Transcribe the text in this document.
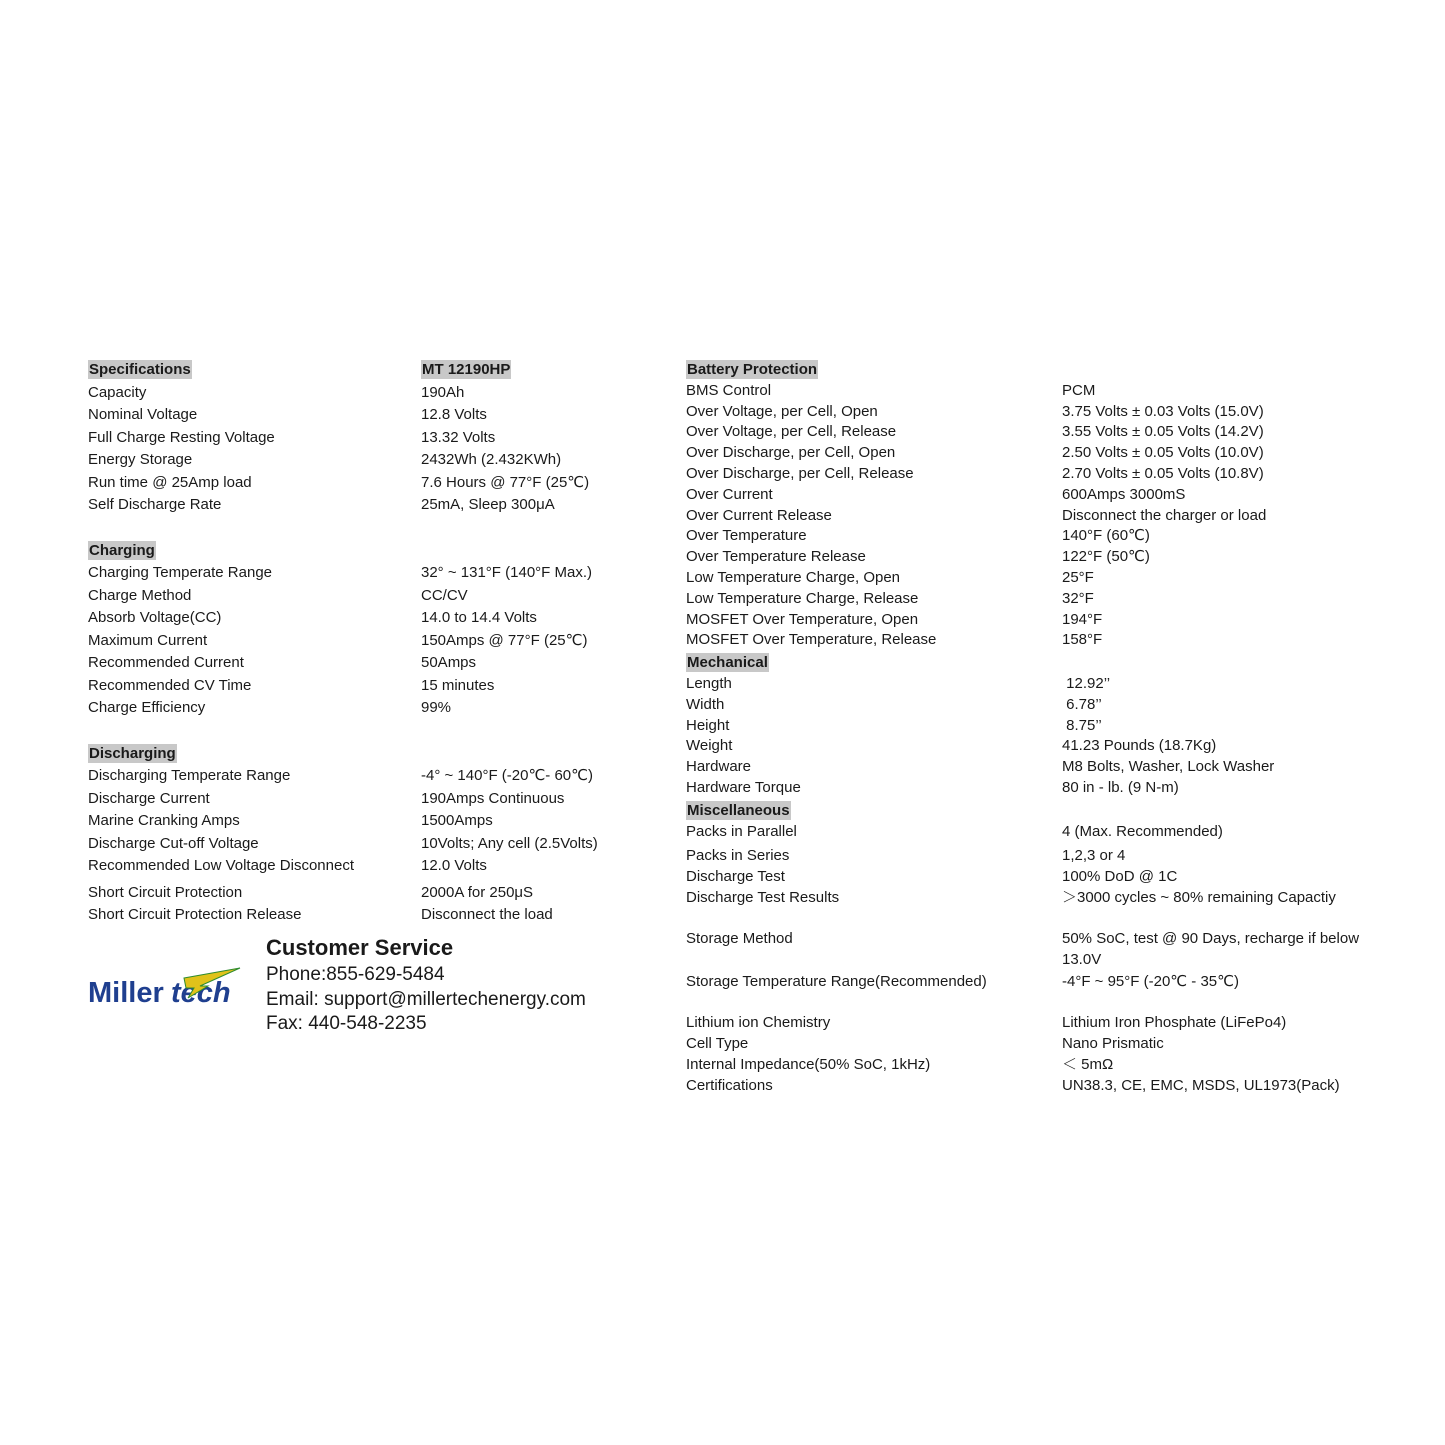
Specifications	MT 12190HP
Capacity	190Ah
Nominal Voltage	12.8 Volts
Full Charge Resting Voltage	13.32 Volts
Energy Storage	2432Wh (2.432KWh)
Run time @ 25Amp load	7.6 Hours @ 77°F (25℃)
Self Discharge Rate	25mA, Sleep 300μA
Charging
Charging Temperate Range	32° ~ 131°F (140°F Max.)
Charge Method	CC/CV
Absorb Voltage(CC)	14.0 to 14.4 Volts
Maximum Current	150Amps @ 77°F (25℃)
Recommended Current	50Amps
Recommended CV Time	15 minutes
Charge Efficiency	99%
Discharging
Discharging Temperate Range	-4° ~ 140°F (-20℃- 60℃)
Discharge Current	190Amps Continuous
Marine Cranking Amps	1500Amps
Discharge Cut-off Voltage	10Volts; Any cell (2.5Volts)
Recommended Low Voltage Disconnect	12.0 Volts
Short Circuit Protection	2000A for 250μS
Short Circuit Protection Release	Disconnect the load
Miller tech
Customer Service
Phone:855-629-5484
Email: support@millertechenergy.com
Fax: 440-548-2235
Battery Protection
BMS Control	PCM
Over Voltage, per Cell, Open	3.75 Volts ± 0.03 Volts (15.0V)
Over Voltage, per Cell, Release	3.55 Volts ± 0.05 Volts (14.2V)
Over Discharge, per Cell, Open	2.50 Volts ± 0.05 Volts (10.0V)
Over Discharge, per Cell, Release	2.70 Volts ± 0.05 Volts (10.8V)
Over Current	600Amps 3000mS
Over Current Release	Disconnect the charger or load
Over Temperature	140°F (60℃)
Over Temperature Release	122°F (50℃)
Low Temperature Charge, Open	25°F
Low Temperature Charge, Release	32°F
MOSFET Over Temperature, Open	194°F
MOSFET Over Temperature, Release	158°F
Mechanical
Length	12.92’’
Width	6.78’’
Height	8.75’’
Weight	41.23 Pounds (18.7Kg)
Hardware	M8 Bolts, Washer, Lock Washer
Hardware Torque	80 in - lb. (9 N-m)
Miscellaneous
Packs in Parallel	4 (Max. Recommended)
Packs in Series	1,2,3 or 4
Discharge Test	100% DoD @ 1C
Discharge Test Results	＞3000 cycles ~ 80% remaining Capactiy
Storage Method	50% SoC, test @ 90 Days, recharge if below 13.0V
Storage Temperature Range(Recommended)	-4°F ~ 95°F (-20℃ - 35℃)
Lithium ion Chemistry	Lithium Iron Phosphate (LiFePo4)
Cell Type	Nano Prismatic
Internal Impedance(50% SoC, 1kHz)	＜ 5mΩ
Certifications	UN38.3, CE, EMC, MSDS, UL1973(Pack)
